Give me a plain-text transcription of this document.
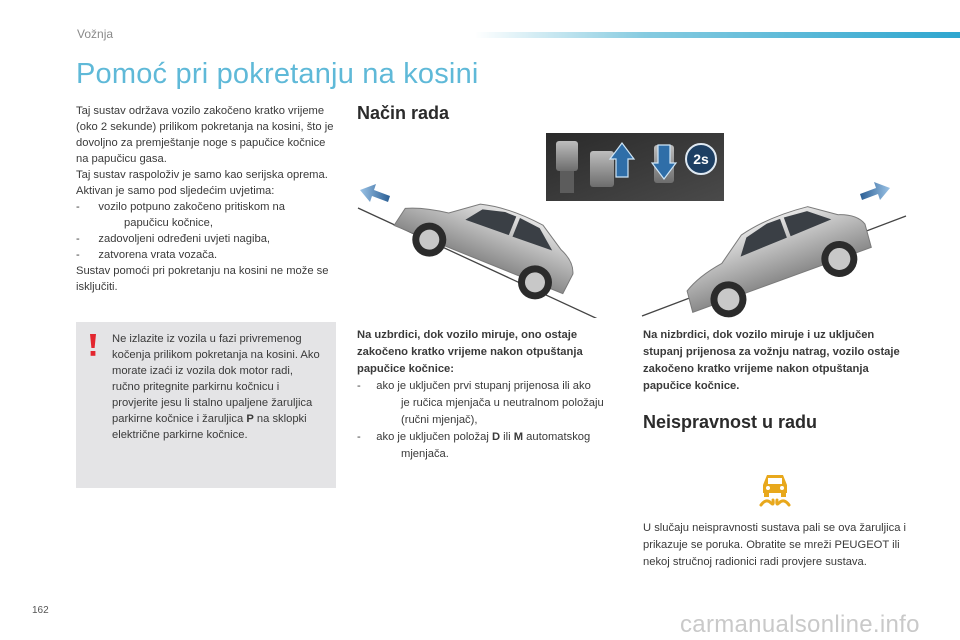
Vožnja
Pomoć pri pokretanju na kosini

Taj sustav održava vozilo zakočeno kratko vrijeme (oko 2 sekunde) prilikom pokretanja na kosini, što je dovoljno za premještanje noge s papučice kočnice na papučicu gasa.

Taj sustav raspoloživ je samo kao serijska oprema.

Aktivan je samo pod sljedećim uvjetima:

-      vozilo potpuno zakočeno pritiskom na
papučicu kočnice,

-      zadovoljeni određeni uvjeti nagiba,

-      zatvorena vrata vozača.

Sustav pomoći pri pokretanju na kosini ne može se isključiti.

Ne izlazite iz vozila u fazi privremenog kočenja prilikom pokretanja na kosini. Ako morate izaći iz vozila dok motor radi, ručno pritegnite parkirnu kočnicu i provjerite jesu li stalno upaljene žaruljica parkirne kočnice i žaruljica P na sklopki električne parkirne kočnice.
Način rada
2s
Na uzbrdici, dok vozilo miruje, ono ostaje zakočeno kratko vrijeme nakon otpuštanja papučice kočnice:
-     ako je uključen prvi stupanj prijenosa ili ako
je ručica mjenjača u neutralnom položaju (ručni mjenjač),
-     ako je uključen položaj D ili M automatskog
mjenjača.
Na nizbrdici, dok vozilo miruje i uz uključen stupanj prijenosa za vožnju natrag, vozilo ostaje zakočeno kratko vrijeme nakon otpuštanja papučice kočnice.
Neispravnost u radu
U slučaju neispravnosti sustava pali se ova žaruljica i prikazuje se poruka. Obratite se mreži PEUGEOT ili nekoj stručnoj radionici radi provjere sustava.
162
carmanualsonline.info
